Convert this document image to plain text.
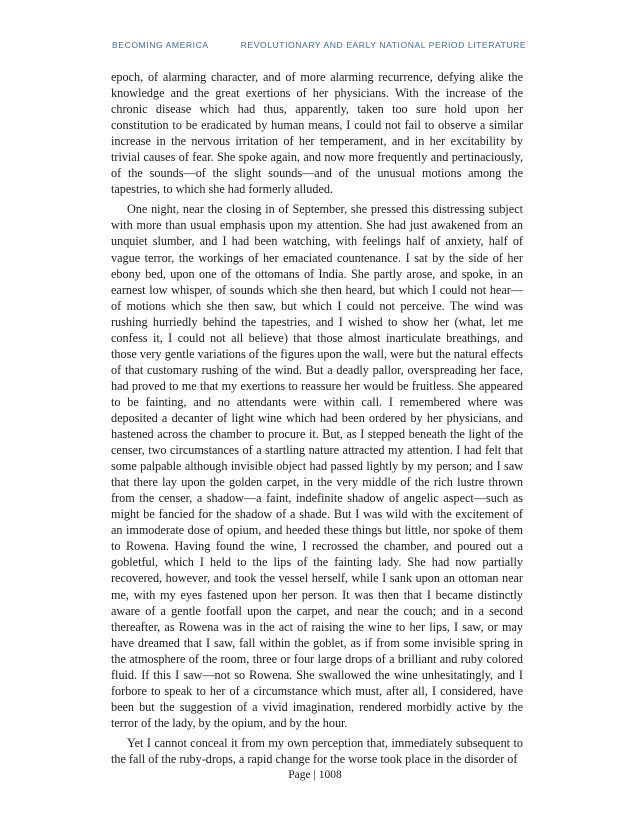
BECOMING AMERICA	REVOLUTIONARY AND EARLY NATIONAL PERIOD LITERATURE

epoch, of alarming character, and of more alarming recurrence, defying alike the knowledge and the great exertions of her physicians. With the increase of the chronic disease which had thus, apparently, taken too sure hold upon her constitution to be eradicated by human means, I could not fail to observe a similar increase in the nervous irritation of her temperament, and in her excitability by trivial causes of fear. She spoke again, and now more frequently and pertinaciously, of the sounds—of the slight sounds—and of the unusual motions among the tapestries, to which she had formerly alluded.

One night, near the closing in of September, she pressed this distressing subject with more than usual emphasis upon my attention. She had just awakened from an unquiet slumber, and I had been watching, with feelings half of anxiety, half of vague terror, the workings of her emaciated countenance. I sat by the side of her ebony bed, upon one of the ottomans of India. She partly arose, and spoke, in an earnest low whisper, of sounds which she then heard, but which I could not hear—of motions which she then saw, but which I could not perceive. The wind was rushing hurriedly behind the tapestries, and I wished to show her (what, let me confess it, I could not all believe) that those almost inarticulate breathings, and those very gentle variations of the figures upon the wall, were but the natural effects of that customary rushing of the wind. But a deadly pallor, overspreading her face, had proved to me that my exertions to reassure her would be fruitless. She appeared to be fainting, and no attendants were within call. I remembered where was deposited a decanter of light wine which had been ordered by her physicians, and hastened across the chamber to procure it. But, as I stepped beneath the light of the censer, two circumstances of a startling nature attracted my attention. I had felt that some palpable although invisible object had passed lightly by my person; and I saw that there lay upon the golden carpet, in the very middle of the rich lustre thrown from the censer, a shadow—a faint, indefinite shadow of angelic aspect—such as might be fancied for the shadow of a shade. But I was wild with the excitement of an immoderate dose of opium, and heeded these things but little, nor spoke of them to Rowena. Having found the wine, I recrossed the chamber, and poured out a gobletful, which I held to the lips of the fainting lady. She had now partially recovered, however, and took the vessel herself, while I sank upon an ottoman near me, with my eyes fastened upon her person. It was then that I became distinctly aware of a gentle footfall upon the carpet, and near the couch; and in a second thereafter, as Rowena was in the act of raising the wine to her lips, I saw, or may have dreamed that I saw, fall within the goblet, as if from some invisible spring in the atmosphere of the room, three or four large drops of a brilliant and ruby colored fluid. If this I saw—not so Rowena. She swallowed the wine unhesitatingly, and I forbore to speak to her of a circumstance which must, after all, I considered, have been but the suggestion of a vivid imagination, rendered morbidly active by the terror of the lady, by the opium, and by the hour.

Yet I cannot conceal it from my own perception that, immediately subsequent to the fall of the ruby-drops, a rapid change for the worse took place in the disorder of

Page | 1008
